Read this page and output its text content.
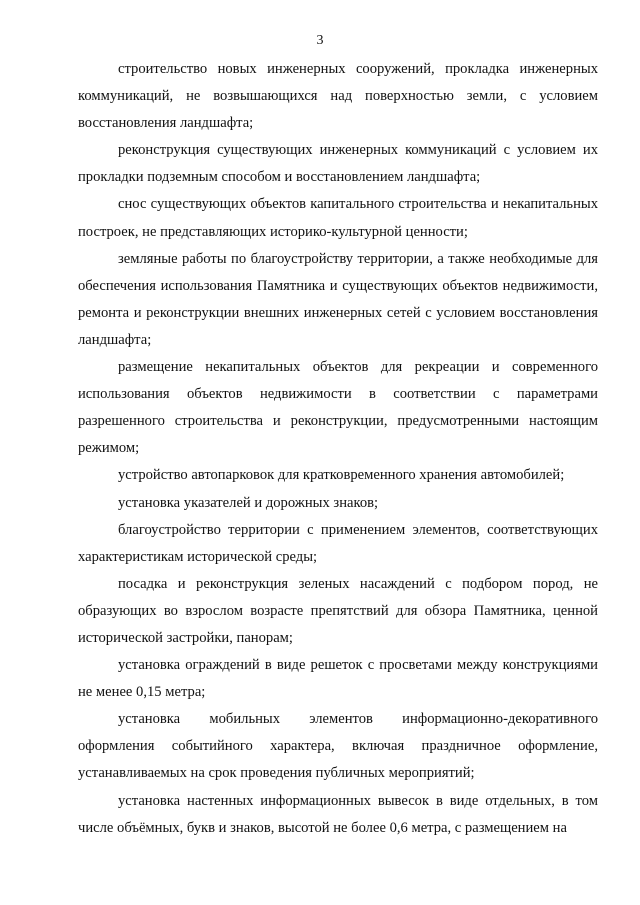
3

строительство новых инженерных сооружений, прокладка инженерных коммуникаций, не возвышающихся над поверхностью земли, с условием восстановления ландшафта;

реконструкция существующих инженерных коммуникаций с условием их прокладки подземным способом и восстановлением ландшафта;

снос существующих объектов капитального строительства и некапитальных построек, не представляющих историко-культурной ценности;

земляные работы по благоустройству территории, а также необходимые для обеспечения использования Памятника и существующих объектов недвижимости, ремонта и реконструкции внешних инженерных сетей с условием восстановления ландшафта;

размещение некапитальных объектов для рекреации и современного использования объектов недвижимости в соответствии с параметрами разрешенного строительства и реконструкции, предусмотренными настоящим режимом;

устройство автопарковок для кратковременного хранения автомобилей;

установка указателей и дорожных знаков;

благоустройство территории с применением элементов, соответствующих характеристикам исторической среды;

посадка и реконструкция зеленых насаждений с подбором пород, не образующих во взрослом возрасте препятствий для обзора Памятника, ценной исторической застройки, панорам;

установка ограждений в виде решеток с просветами между конструкциями не менее 0,15 метра;

установка мобильных элементов информационно-декоративного оформления событийного характера, включая праздничное оформление, устанавливаемых на срок проведения публичных мероприятий;

установка настенных информационных вывесок в виде отдельных, в том числе объёмных, букв и знаков, высотой не более 0,6 метра, с размещением на
